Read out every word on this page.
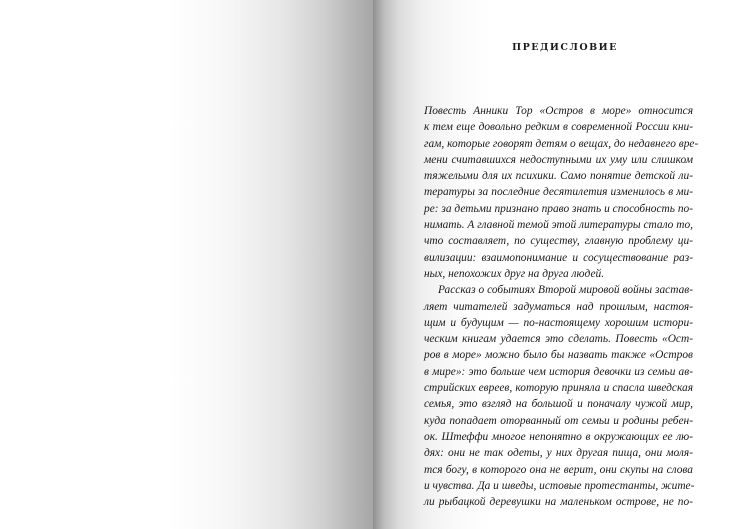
ПРЕДИСЛОВИЕ
Повесть Анники Тор «Остров в море» относится
к тем еще довольно редким в современной России кни-
гам, которые говорят детям о вещах, до недавнего вре-
мени считавшихся недоступными их уму или слишком
тяжелыми для их психики. Само понятие детской ли-
тературы за последние десятилетия изменилось в ми-
ре: за детьми признано право знать и способность по-
нимать. А главной темой этой литературы стало то,
что составляет, по существу, главную проблему ци-
вилизации: взаимопонимание и сосуществование раз-
ных, непохожих друг на друга людей.
Рассказ о событиях Второй мировой войны застав-
ляет читателей задуматься над прошлым, настоя-
щим и будущим — по-настоящему хорошим истори-
ческим книгам удается это сделать. Повесть «Ост-
ров в море» можно было бы назвать также «Остров
в мире»: это больше чем история девочки из семьи ав-
стрийских евреев, которую приняла и спасла шведская
семья, это взгляд на большой и поначалу чужой мир,
куда попадает оторванный от семьи и родины ребен-
ок. Штеффи многое непонятно в окружающих ее лю-
дях: они не так одеты, у них другая пища, они моля-
тся богу, в которого она не верит, они скупы на слова
и чувства. Да и шведы, истовые протестанты, жите-
ли рыбацкой деревушки на маленьком острове, не по-
